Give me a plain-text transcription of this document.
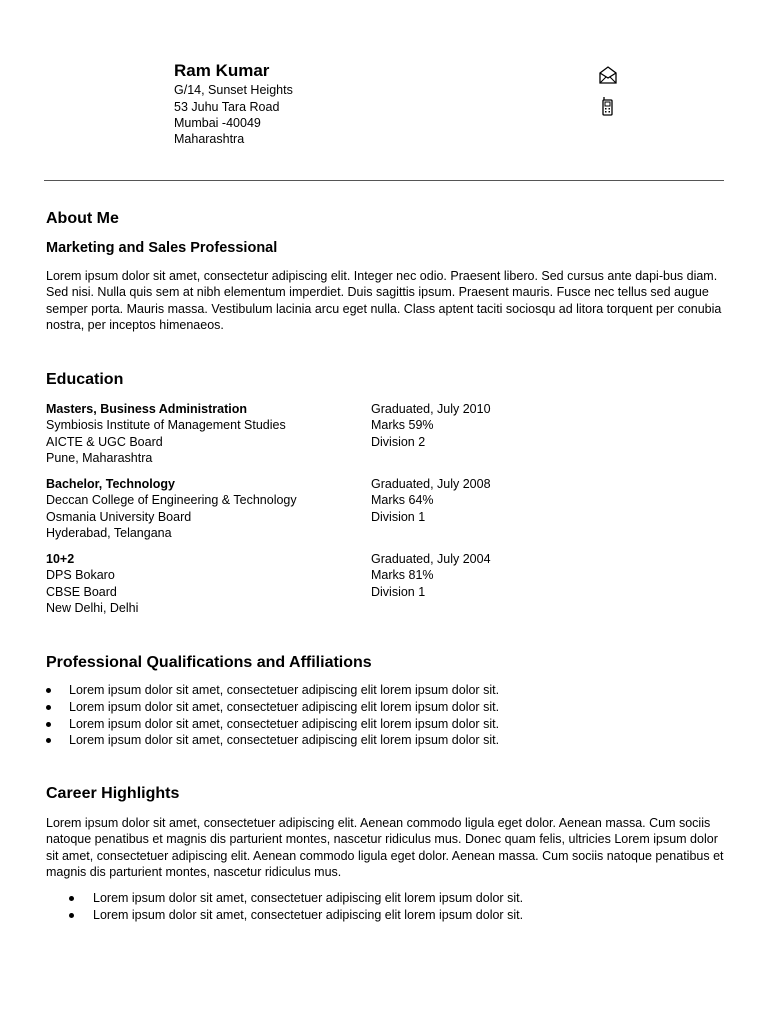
Ram Kumar
G/14, Sunset Heights
53 Juhu Tara Road
Mumbai -40049
Maharashtra
About Me
Marketing and Sales Professional
Lorem ipsum dolor sit amet, consectetur adipiscing elit. Integer nec odio. Praesent libero. Sed cursus ante dapi-bus diam. Sed nisi. Nulla quis sem at nibh elementum imperdiet. Duis sagittis ipsum. Praesent mauris. Fusce nec tellus sed augue semper porta. Mauris massa. Vestibulum lacinia arcu eget nulla. Class aptent taciti sociosqu ad litora torquent per conubia nostra, per inceptos himenaeos.
Education
Masters, Business Administration
Symbiosis Institute of Management Studies
AICTE & UGC Board
Pune, Maharashtra
Graduated, July 2010
Marks 59%
Division 2
Bachelor, Technology
Deccan College of Engineering & Technology
Osmania University Board
Hyderabad, Telangana
Graduated, July 2008
Marks 64%
Division 1
10+2
DPS Bokaro
CBSE Board
New Delhi, Delhi
Graduated, July 2004
Marks 81%
Division 1
Professional Qualifications and Affiliations
Lorem ipsum dolor sit amet, consectetuer adipiscing elit lorem ipsum dolor sit.
Lorem ipsum dolor sit amet, consectetuer adipiscing elit lorem ipsum dolor sit.
Lorem ipsum dolor sit amet, consectetuer adipiscing elit lorem ipsum dolor sit.
Lorem ipsum dolor sit amet, consectetuer adipiscing elit lorem ipsum dolor sit.
Career Highlights
Lorem ipsum dolor sit amet, consectetuer adipiscing elit. Aenean commodo ligula eget dolor. Aenean massa. Cum sociis natoque penatibus et magnis dis parturient montes, nascetur ridiculus mus. Donec quam felis, ultricies Lorem ipsum dolor sit amet, consectetuer adipiscing elit. Aenean commodo ligula eget dolor. Aenean massa. Cum sociis natoque penatibus et magnis dis parturient montes, nascetur ridiculus mus.
Lorem ipsum dolor sit amet, consectetuer adipiscing elit lorem ipsum dolor sit.
Lorem ipsum dolor sit amet, consectetuer adipiscing elit lorem ipsum dolor sit.
